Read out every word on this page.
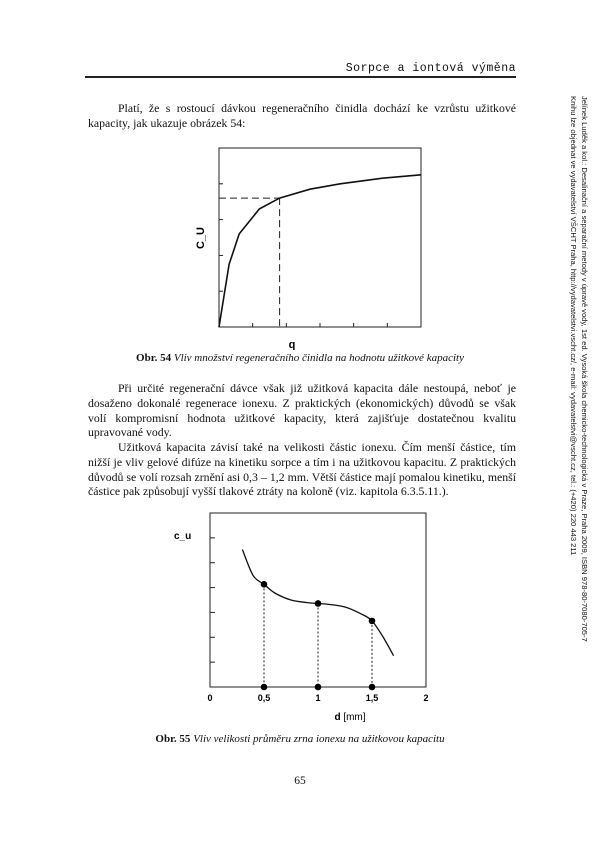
Sorpce a iontová výměna
Jelínek Luděk a kol.: Desalinační a separační metody v úpravě vody, 1st ed. Vysoká škola chemicko-technologická v Praze, Praha 2009, ISBN 978-80-7080-705-7
Knihu lze objednat ve vydavatelství VŠCHT Praha, http://vydavatelstvi.vscht.cz/, e-mail: vydavatelstvi@vscht.cz, tel.: (+420) 220 443 211

Platí, že s rostoucí dávkou regeneračního činidla dochází ke vzrůstu užitkové kapacity, jak ukazuje obrázek 54:

C_U
q
Obr. 54 Vliv množství regeneračního činidla na hodnotu užitkové kapacity

Při určité regenerační dávce však již užitková kapacita dále nestoupá, neboť je dosaženo dokonalé regenerace ionexu. Z praktických (ekonomických) důvodů se však volí kompromisní hodnota užitkové kapacity, která zajišťuje dostatečnou kvalitu upravované vody.

Užitková kapacita závisí také na velikosti částic ionexu. Čím menší částice, tím nižší je vliv gelové difúze na kinetiku sorpce a tím i na užitkovou kapacitu. Z praktických důvodů se volí rozsah zrnění asi 0,3 – 1,2 mm. Větší částice mají pomalou kinetiku, menší částice pak způsobují vyšší tlakové ztráty na koloně (viz. kapitola 6.3.5.11.).

0	0,5	1	1,5	2
c_u
d [mm]
Obr. 55 Vliv velikosti průměru zrna ionexu na užitkovou kapacitu
65
